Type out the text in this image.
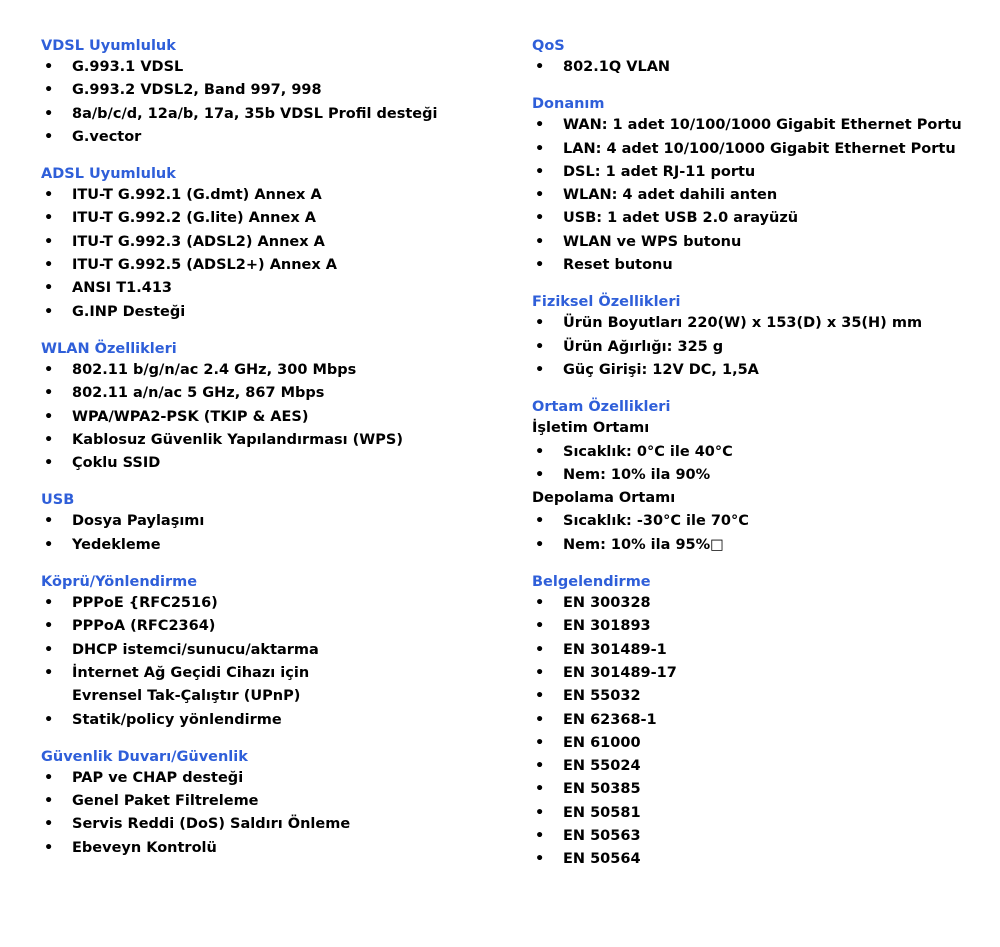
VDSL Uyumluluk
• G.993.1 VDSL
• G.993.2 VDSL2, Band 997, 998
• 8a/b/c/d, 12a/b, 17a, 35b VDSL Profil desteği
• G.vector
ADSL Uyumluluk
• ITU-T G.992.1 (G.dmt) Annex A
• ITU-T G.992.2 (G.lite) Annex A
• ITU-T G.992.3 (ADSL2) Annex A
• ITU-T G.992.5 (ADSL2+) Annex A
• ANSI T1.413
• G.INP Desteği
WLAN Özellikleri
• 802.11 b/g/n/ac 2.4 GHz, 300 Mbps
• 802.11 a/n/ac 5 GHz, 867 Mbps
• WPA/WPA2-PSK (TKIP & AES)
• Kablosuz Güvenlik Yapılandırması (WPS)
• Çoklu SSID
USB
• Dosya Paylaşımı
• Yedekleme
Köprü/Yönlendirme
• PPPoE {RFC2516)
• PPPoA (RFC2364)
• DHCP istemci/sunucu/aktarma
• İnternet Ağ Geçidi Cihazı için
Evrensel Tak-Çalıştır (UPnP)
• Statik/policy yönlendirme
Güvenlik Duvarı/Güvenlik
• PAP ve CHAP desteği
• Genel Paket Filtreleme
• Servis Reddi (DoS) Saldırı Önleme
• Ebeveyn Kontrolü
QoS
• 802.1Q VLAN
Donanım
• WAN: 1 adet 10/100/1000 Gigabit Ethernet Portu
• LAN: 4 adet 10/100/1000 Gigabit Ethernet Portu
• DSL: 1 adet RJ-11 portu
• WLAN: 4 adet dahili anten
• USB: 1 adet USB 2.0 arayüzü
• WLAN ve WPS butonu
• Reset butonu
Fiziksel Özellikleri
• Ürün Boyutları 220(W) x 153(D) x 35(H) mm
• Ürün Ağırlığı: 325 g
• Güç Girişi: 12V DC, 1,5A
Ortam Özellikleri
İşletim Ortamı
• Sıcaklık: 0°C ile 40°C
• Nem: 10% ila 90%
Depolama Ortamı
• Sıcaklık: -30°C ile 70°C
• Nem: 10% ila 95%□
Belgelendirme
• EN 300328
• EN 301893
• EN 301489-1
• EN 301489-17
• EN 55032
• EN 62368-1
• EN 61000
• EN 55024
• EN 50385
• EN 50581
• EN 50563
• EN 50564
